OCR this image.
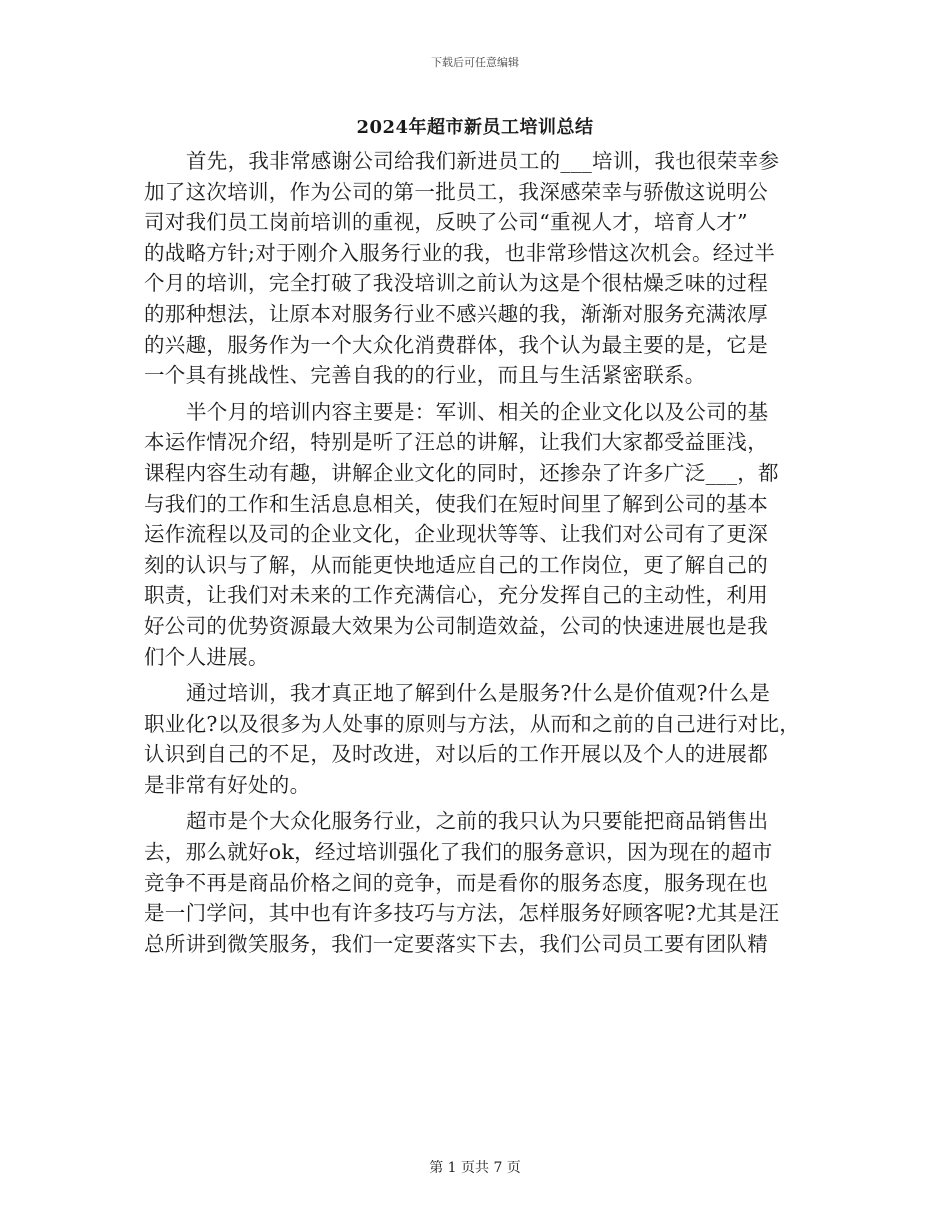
下载后可任意编辑
2024年超市新员工培训总结
首先，我非常感谢公司给我们新进员工的___培训，我也很荣幸参
加了这次培训，作为公司的第一批员工，我深感荣幸与骄傲这说明公
司对我们员工岗前培训的重视，反映了公司“重视人才，培育人才”
的战略方针;对于刚介入服务行业的我，也非常珍惜这次机会。经过半
个月的培训，完全打破了我没培训之前认为这是个很枯燥乏味的过程
的那种想法，让原本对服务行业不感兴趣的我，渐渐对服务充满浓厚
的兴趣，服务作为一个大众化消费群体，我个认为最主要的是，它是
一个具有挑战性、完善自我的的行业，而且与生活紧密联系。
半个月的培训内容主要是：军训、相关的企业文化以及公司的基
本运作情况介绍，特别是听了汪总的讲解，让我们大家都受益匪浅，
课程内容生动有趣，讲解企业文化的同时，还掺杂了许多广泛___，都
与我们的工作和生活息息相关，使我们在短时间里了解到公司的基本
运作流程以及司的企业文化，企业现状等等、让我们对公司有了更深
刻的认识与了解，从而能更快地适应自己的工作岗位，更了解自己的
职责，让我们对未来的工作充满信心，充分发挥自己的主动性，利用
好公司的优势资源最大效果为公司制造效益，公司的快速进展也是我
们个人进展。
通过培训，我才真正地了解到什么是服务?什么是价值观?什么是
职业化?以及很多为人处事的原则与方法，从而和之前的自己进行对比，
认识到自己的不足，及时改进，对以后的工作开展以及个人的进展都
是非常有好处的。
超市是个大众化服务行业，之前的我只认为只要能把商品销售出
去，那么就好ok，经过培训强化了我们的服务意识，因为现在的超市
竞争不再是商品价格之间的竞争，而是看你的服务态度，服务现在也
是一门学问，其中也有许多技巧与方法，怎样服务好顾客呢?尤其是汪
总所讲到微笑服务，我们一定要落实下去，我们公司员工要有团队精
第 1 页共 7 页
